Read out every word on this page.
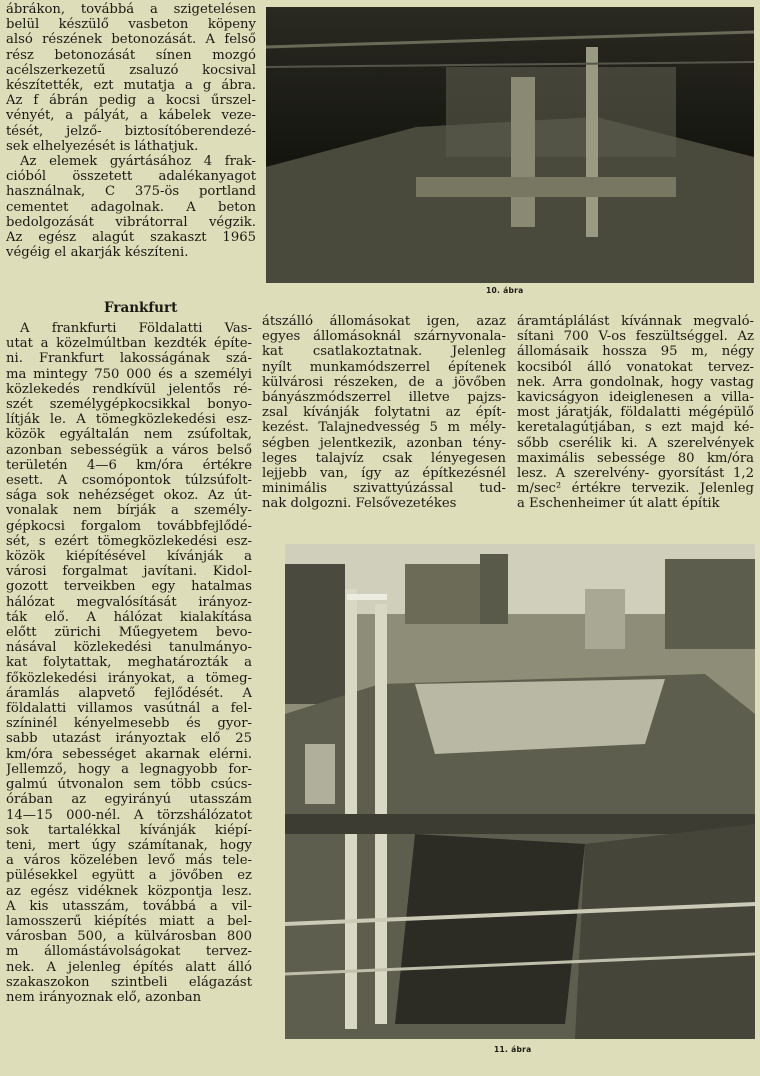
ábrákon, továbbá a szigetelésen
belül készülő vasbeton köpeny
alsó részének betonozását. A felső
rész betonozását sínen mozgó
acélszerkezetű zsaluzó kocsival
készítették, ezt mutatja a g ábra.
Az f ábrán pedig a kocsi űrszel-
vényét, a pályát, a kábelek veze-
tését, jelző- biztosítóberendezé-
sek elhelyezését is láthatjuk.
Az elemek gyártásához 4 frak-
cióból összetett adalékanyagot
használnak, C 375-ös portland
cementet adagolnak. A beton
bedolgozását vibrátorral végzik.
Az egész alagút szakaszt 1965
végéig el akarják készíteni.
10. ábra
Frankfurt
A frankfurti Földalatti Vas-
utat a közelmúltban kezdték építe-
ni. Frankfurt lakosságának szá-
ma mintegy 750 000 és a személyi
közlekedés rendkívül jelentős ré-
szét személygépkocsikkal bonyo-
lítják le. A tömegközlekedési esz-
közök egyáltalán nem zsúfoltak,
azonban sebességük a város belső
területén 4—6 km/óra értékre
esett. A csomópontok túlzsúfolt-
sága sok nehézséget okoz. Az út-
vonalak nem bírják a személy-
gépkocsi forgalom továbbfejlődé-
sét, s ezért tömegközlekedési esz-
közök kiépítésével kívánják a
városi forgalmat javítani. Kidol-
gozott terveikben egy hatalmas
hálózat megvalósítását irányoz-
ták elő. A hálózat kialakítása
előtt zürichi Műegyetem bevo-
násával közlekedési tanulmányo-
kat folytattak, meghatározták a
főközlekedési irányokat, a tömeg-
áramlás alapvető fejlődését. A
földalatti villamos vasútnál a fel-
színinél kényelmesebb és gyor-
sabb utazást irányoztak elő 25
km/óra sebességet akarnak elérni.
Jellemző, hogy a legnagyobb for-
galmú útvonalon sem több csúcs-
órában az egyirányú utasszám
14—15 000-nél. A törzshálózatot
sok tartalékkal kívánják kiépí-
teni, mert úgy számítanak, hogy
a város közelében levő más tele-
pülésekkel együtt a jövőben ez
az egész vidéknek központja lesz.
A kis utasszám, továbbá a vil-
lamosszerű kiépítés miatt a bel-
városban 500, a külvárosban 800
m állomástávolságokat tervez-
nek. A jelenleg építés alatt álló
szakaszokon szintbeli elágazást
nem irányoznak elő, azonban
átszálló állomásokat igen, azaz
egyes állomásoknál szárnyvonala-
kat csatlakoztatnak. Jelenleg
nyílt munkamódszerrel építenek
külvárosi részeken, de a jövőben
bányászmódszerrel illetve pajzs-
zsal kívánják folytatni az épít-
kezést. Talajnedvesség 5 m mély-
ségben jelentkezik, azonban tény-
leges talajvíz csak lényegesen
lejjebb van, így az építkezésnél
minimális szivattyúzással tud-
nak dolgozni. Felsővezetékes
áramtáplálást kívánnak megvaló-
sítani 700 V-os feszültséggel. Az
állomásaik hossza 95 m, négy
kocsiból álló vonatokat tervez-
nek. Arra gondolnak, hogy vastag
kavicságyon ideiglenesen a villa-
most járatják, földalatti mégépülő
keretalagútjában, s ezt majd ké-
sőbb cserélik ki. A szerelvények
maximális sebessége 80 km/óra
lesz. A szerelvény- gyorsítást 1,2
m/sec² értékre tervezik. Jelenleg
a Eschenheimer út alatt építik
11. ábra
